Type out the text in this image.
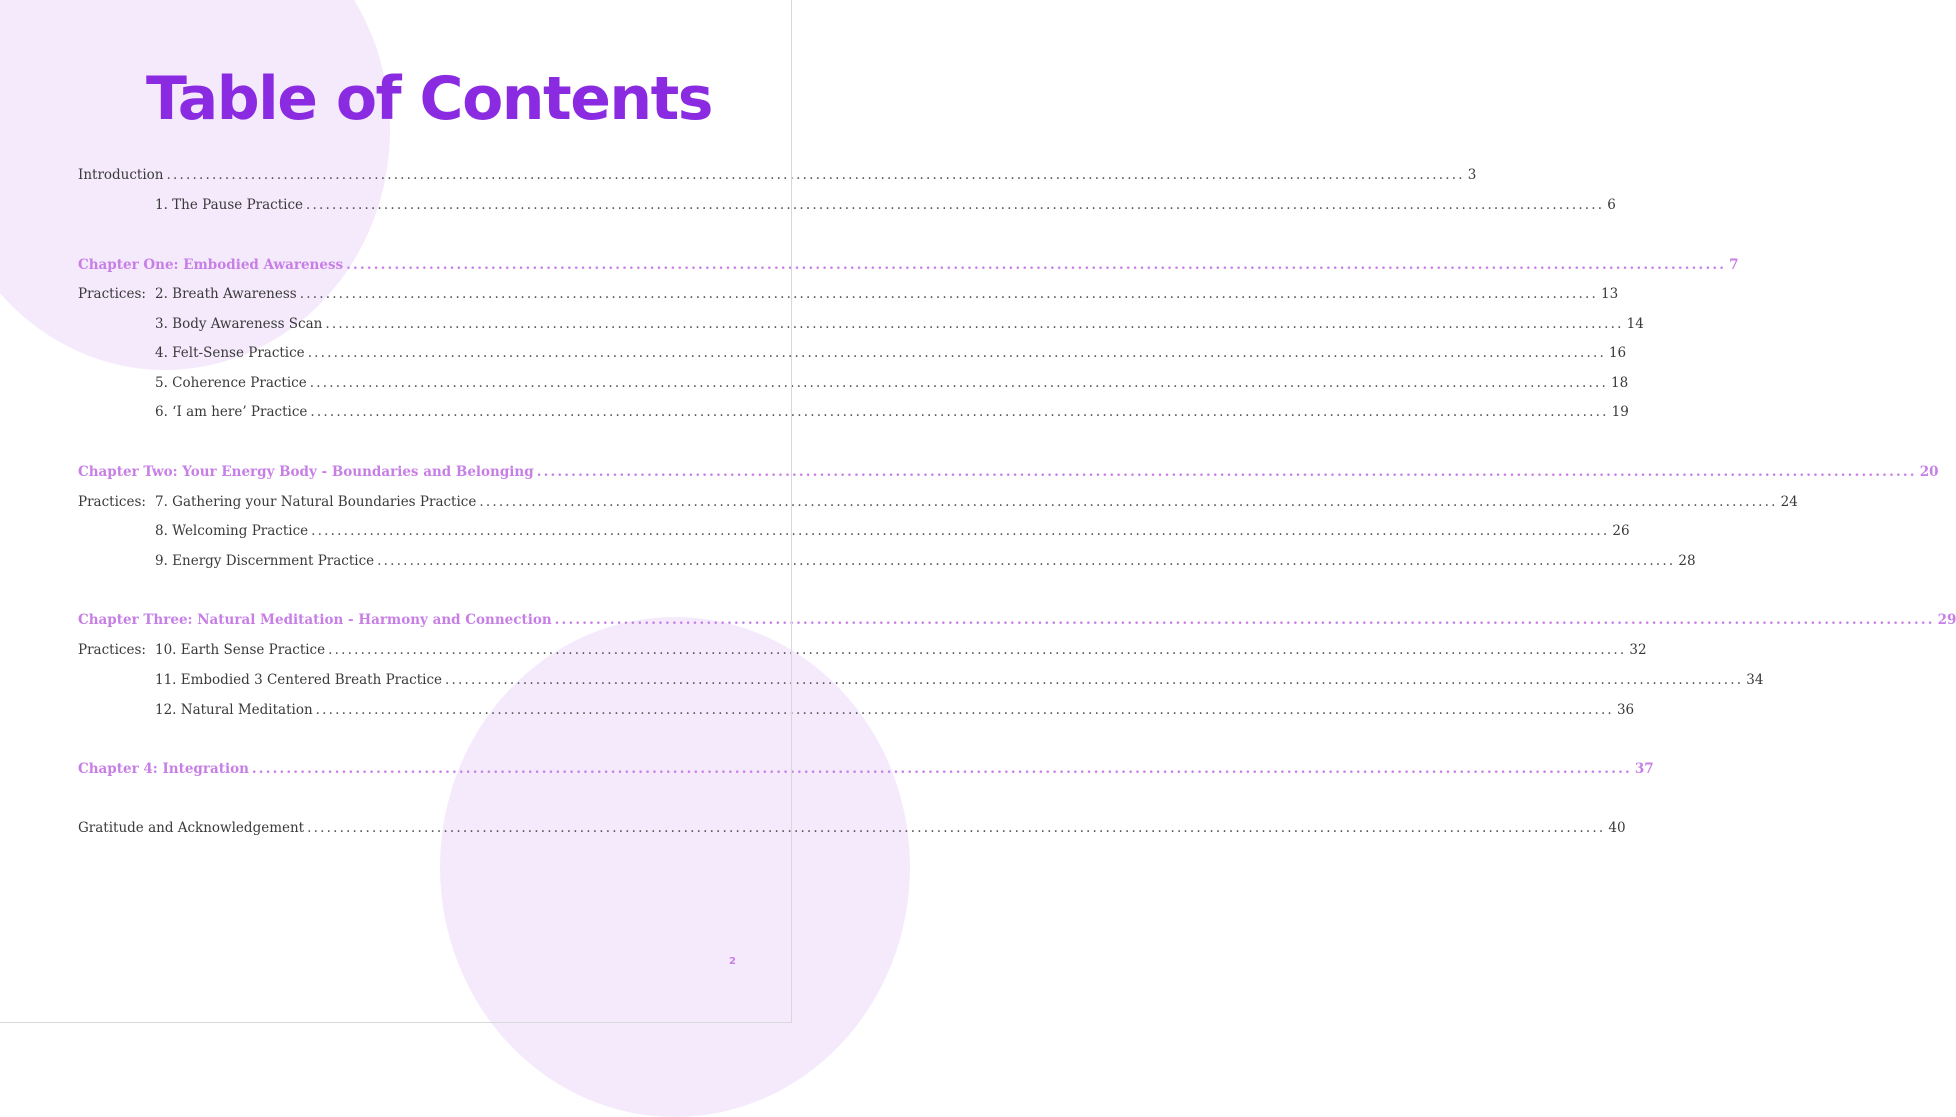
Table of Contents
Introduction ........................................................................................................................................................................................................ 3
1. The Pause Practice ........................................................................................................................................................................................................ 6
Chapter One: Embodied Awareness ........................................................................................................................................................................................................ 7
Practices: 2. Breath Awareness ........................................................................................................................................................................................................ 13
3. Body Awareness Scan ........................................................................................................................................................................................................ 14
4. Felt-Sense Practice ........................................................................................................................................................................................................ 16
5. Coherence Practice ........................................................................................................................................................................................................ 18
6. ‘I am here’ Practice ........................................................................................................................................................................................................ 19
Chapter Two: Your Energy Body - Boundaries and Belonging ........................................................................................................................................................................................................ 20
Practices: 7. Gathering your Natural Boundaries Practice ........................................................................................................................................................................................................ 24
8. Welcoming Practice ........................................................................................................................................................................................................ 26
9. Energy Discernment Practice ........................................................................................................................................................................................................ 28
Chapter Three: Natural Meditation - Harmony and Connection ........................................................................................................................................................................................................ 29
Practices: 10. Earth Sense Practice ........................................................................................................................................................................................................ 32
11. Embodied 3 Centered Breath Practice ........................................................................................................................................................................................................ 34
12. Natural Meditation ........................................................................................................................................................................................................ 36
Chapter 4: Integration ........................................................................................................................................................................................................ 37
Gratitude and Acknowledgement ........................................................................................................................................................................................................ 40
2
